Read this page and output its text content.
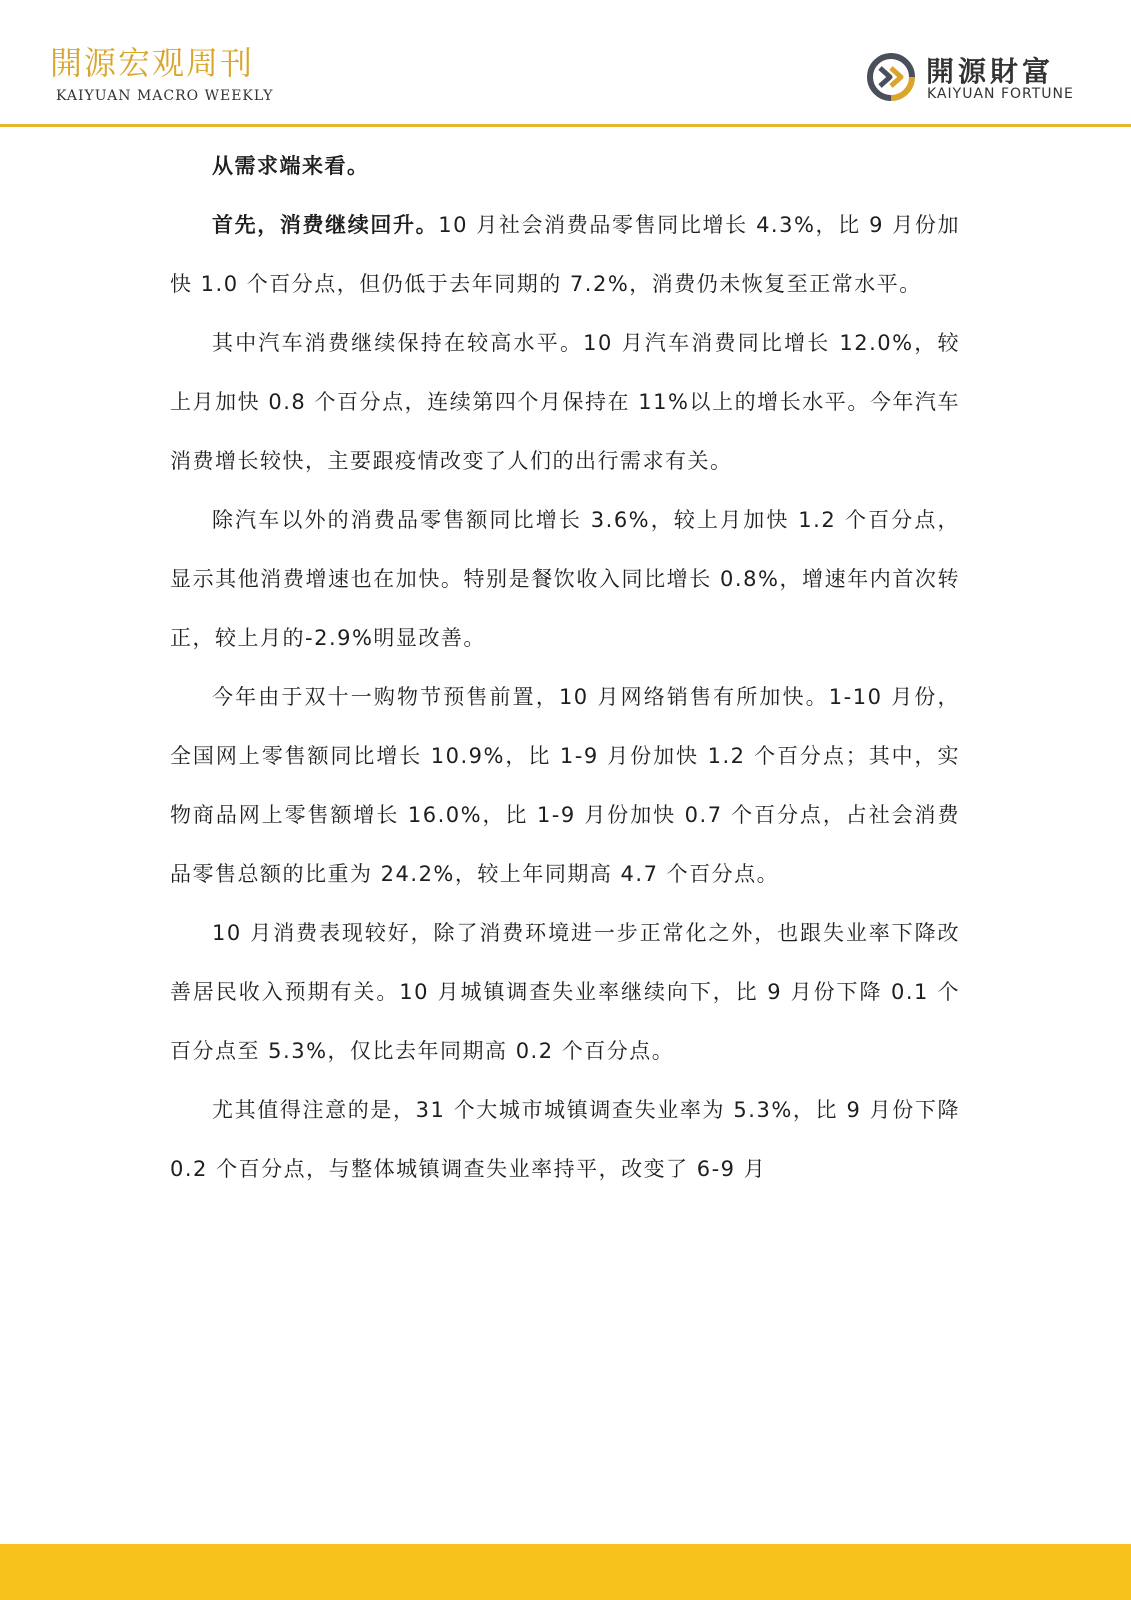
開源宏观周刊
KAIYUAN MACRO WEEKLY
開源財富
KAIYUAN FORTUNE

从需求端来看。

首先，消费继续回升。10 月社会消费品零售同比增长 4.3%，比 9 月份加快 1.0 个百分点，但仍低于去年同期的 7.2%，消费仍未恢复至正常水平。

其中汽车消费继续保持在较高水平。10 月汽车消费同比增长 12.0%，较上月加快 0.8 个百分点，连续第四个月保持在 11%以上的增长水平。今年汽车消费增长较快，主要跟疫情改变了人们的出行需求有关。

除汽车以外的消费品零售额同比增长 3.6%，较上月加快 1.2 个百分点，显示其他消费增速也在加快。特别是餐饮收入同比增长 0.8%，增速年内首次转正，较上月的-2.9%明显改善。

今年由于双十一购物节预售前置，10 月网络销售有所加快。1-10 月份，全国网上零售额同比增长 10.9%，比 1-9 月份加快 1.2 个百分点；其中，实物商品网上零售额增长 16.0%，比 1-9 月份加快 0.7 个百分点，占社会消费品零售总额的比重为 24.2%，较上年同期高 4.7 个百分点。

10 月消费表现较好，除了消费环境进一步正常化之外，也跟失业率下降改善居民收入预期有关。10 月城镇调查失业率继续向下，比 9 月份下降 0.1 个百分点至 5.3%，仅比去年同期高 0.2 个百分点。

尤其值得注意的是，31 个大城市城镇调查失业率为 5.3%，比 9 月份下降 0.2 个百分点，与整体城镇调查失业率持平，改变了 6-9 月
